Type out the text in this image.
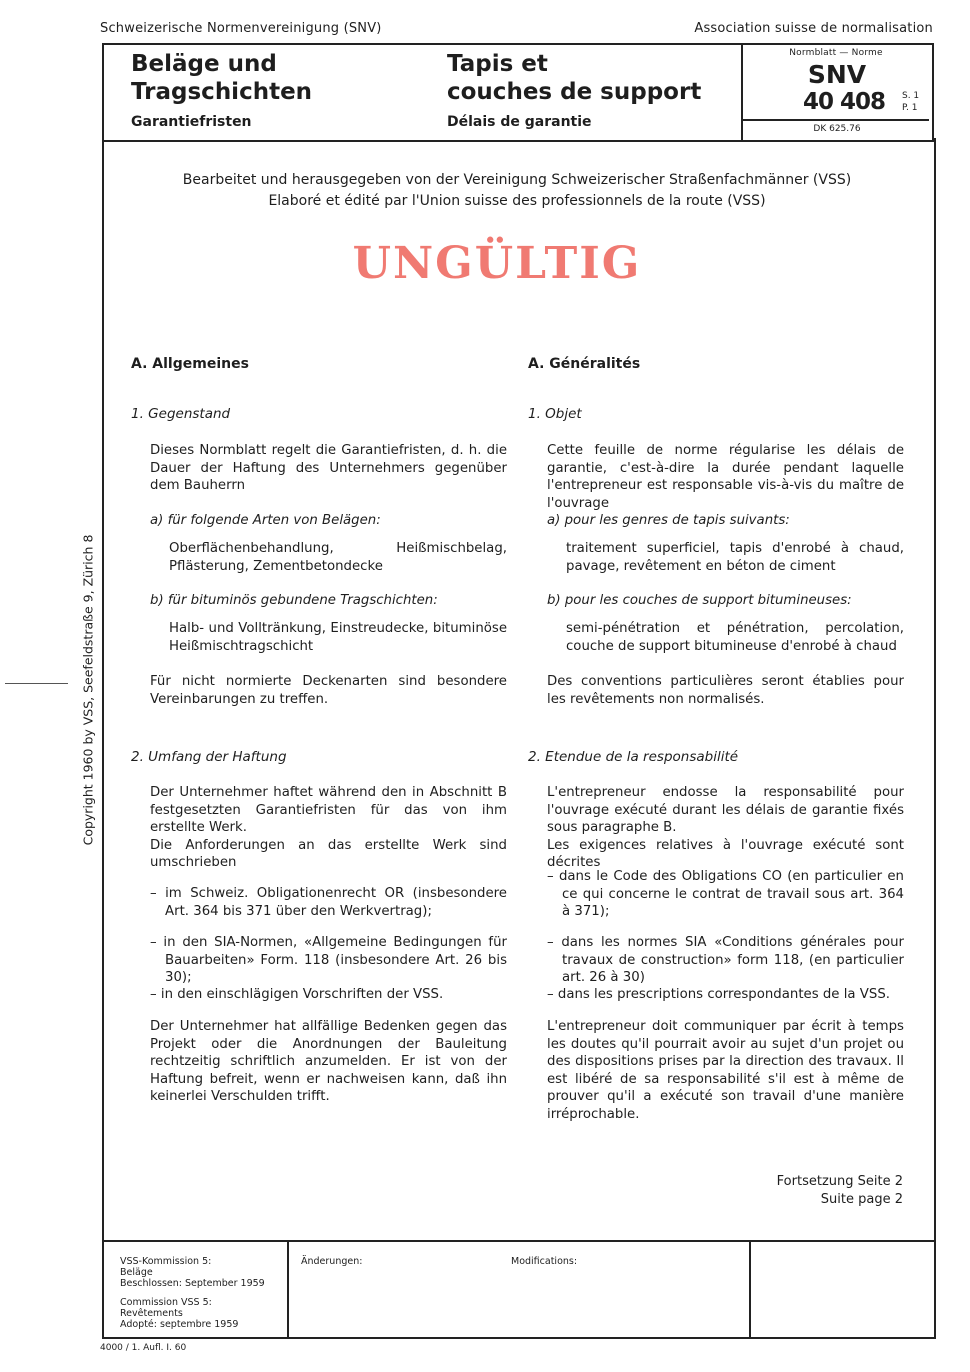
Schweizerische Normenvereinigung (SNV)	Association suisse de normalisation
Beläge und
Tragschichten
Garantiefristen
Tapis et
couches de support
Délais de garantie
Normblatt — Norme
SNV
40 408 S. 1
P. 1
DK 625.76
Bearbeitet und herausgegeben von der Vereinigung Schweizerischer Straßenfachmänner (VSS)
Elaboré et édité par l'Union suisse des professionnels de la route (VSS)
UNGÜLTIG
Copyright 1960 by VSS, Seefeldstraße 9, Zürich 8
A. Allgemeines
1. Gegenstand
Dieses Normblatt regelt die Garantiefristen, d. h. die Dauer der Haftung des Unternehmers gegenüber dem Bauherrn
a) für folgende Arten von Belägen:
Oberflächenbehandlung, Heißmischbelag, Pflästerung, Zementbetondecke
b) für bituminös gebundene Tragschichten:
Halb- und Volltränkung, Einstreudecke, bituminöse Heißmischtragschicht
Für nicht normierte Deckenarten sind besondere Vereinbarungen zu treffen.
2. Umfang der Haftung
Der Unternehmer haftet während den in Abschnitt B festgesetzten Garantiefristen für das von ihm erstellte Werk.
Die Anforderungen an das erstellte Werk sind umschrieben
– im Schweiz. Obligationenrecht OR (insbesondere Art. 364 bis 371 über den Werkvertrag);
– in den SIA-Normen, «Allgemeine Bedingungen für Bauarbeiten» Form. 118 (insbesondere Art. 26 bis 30);
– in den einschlägigen Vorschriften der VSS.
Der Unternehmer hat allfällige Bedenken gegen das Projekt oder die Anordnungen der Bauleitung rechtzeitig schriftlich anzumelden. Er ist von der Haftung befreit, wenn er nachweisen kann, daß ihn keinerlei Verschulden trifft.
A. Généralités
1. Objet
Cette feuille de norme régularise les délais de garantie, c'est-à-dire la durée pendant laquelle l'entrepreneur est responsable vis-à-vis du maître de l'ouvrage
a) pour les genres de tapis suivants:
traitement superficiel, tapis d'enrobé à chaud, pavage, revêtement en béton de ciment
b) pour les couches de support bitumineuses:
semi-pénétration et pénétration, percolation, couche de support bitumineuse d'enrobé à chaud
Des conventions particulières seront établies pour les revêtements non normalisés.
2. Etendue de la responsabilité
L'entrepreneur endosse la responsabilité pour l'ouvrage exécuté durant les délais de garantie fixés sous paragraphe B.
Les exigences relatives à l'ouvrage exécuté sont décrites
– dans le Code des Obligations CO (en particulier en ce qui concerne le contrat de travail sous art. 364 à 371);
– dans les normes SIA «Conditions générales pour travaux de construction» form 118, (en particulier art. 26 à 30)
– dans les prescriptions correspondantes de la VSS.
L'entrepreneur doit communiquer par écrit à temps les doutes qu'il pourrait avoir au sujet d'un projet ou des dispositions prises par la direction des travaux. Il est libéré de sa responsabilité s'il est à même de prouver qu'il a exécuté son travail d'une manière irréprochable.
Fortsetzung Seite 2
Suite page 2
VSS-Kommission 5:
Beläge
Beschlossen: September 1959
Commission VSS 5:
Revêtements
Adopté: septembre 1959
Änderungen:	Modifications:
4000 / 1. Aufl. I. 60
